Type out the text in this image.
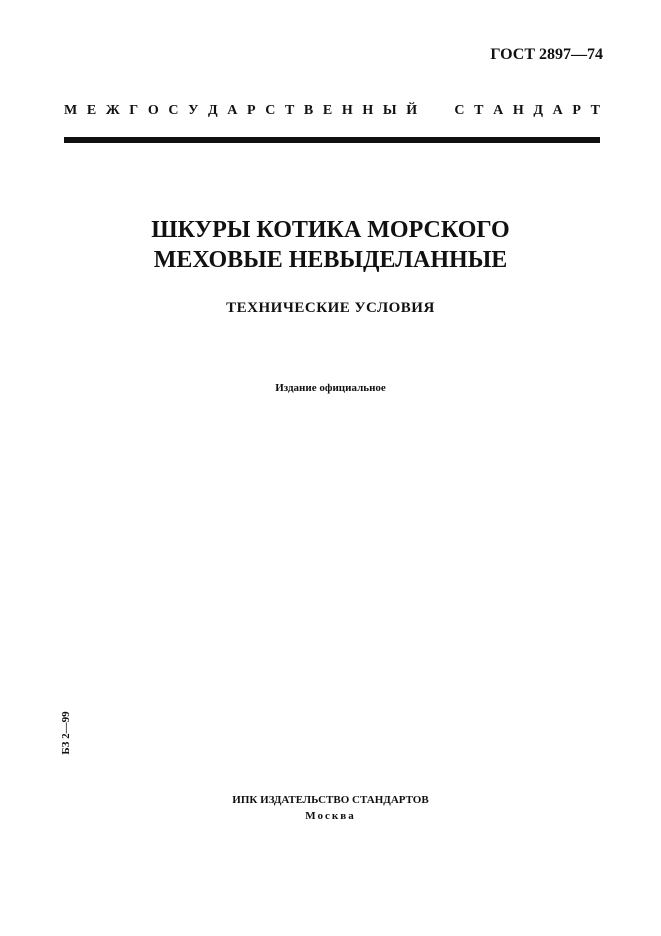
ГОСТ 2897—74
М Е Ж Г О С У Д А Р С Т В Е Н Н Ы Й	С Т А Н Д А Р Т
ШКУРЫ КОТИКА МОРСКОГО
МЕХОВЫЕ НЕВЫДЕЛАННЫЕ
ТЕХНИЧЕСКИЕ УСЛОВИЯ
Издание официальное
БЗ 2—99
ИПК ИЗДАТЕЛЬСТВО СТАНДАРТОВ
Москва
